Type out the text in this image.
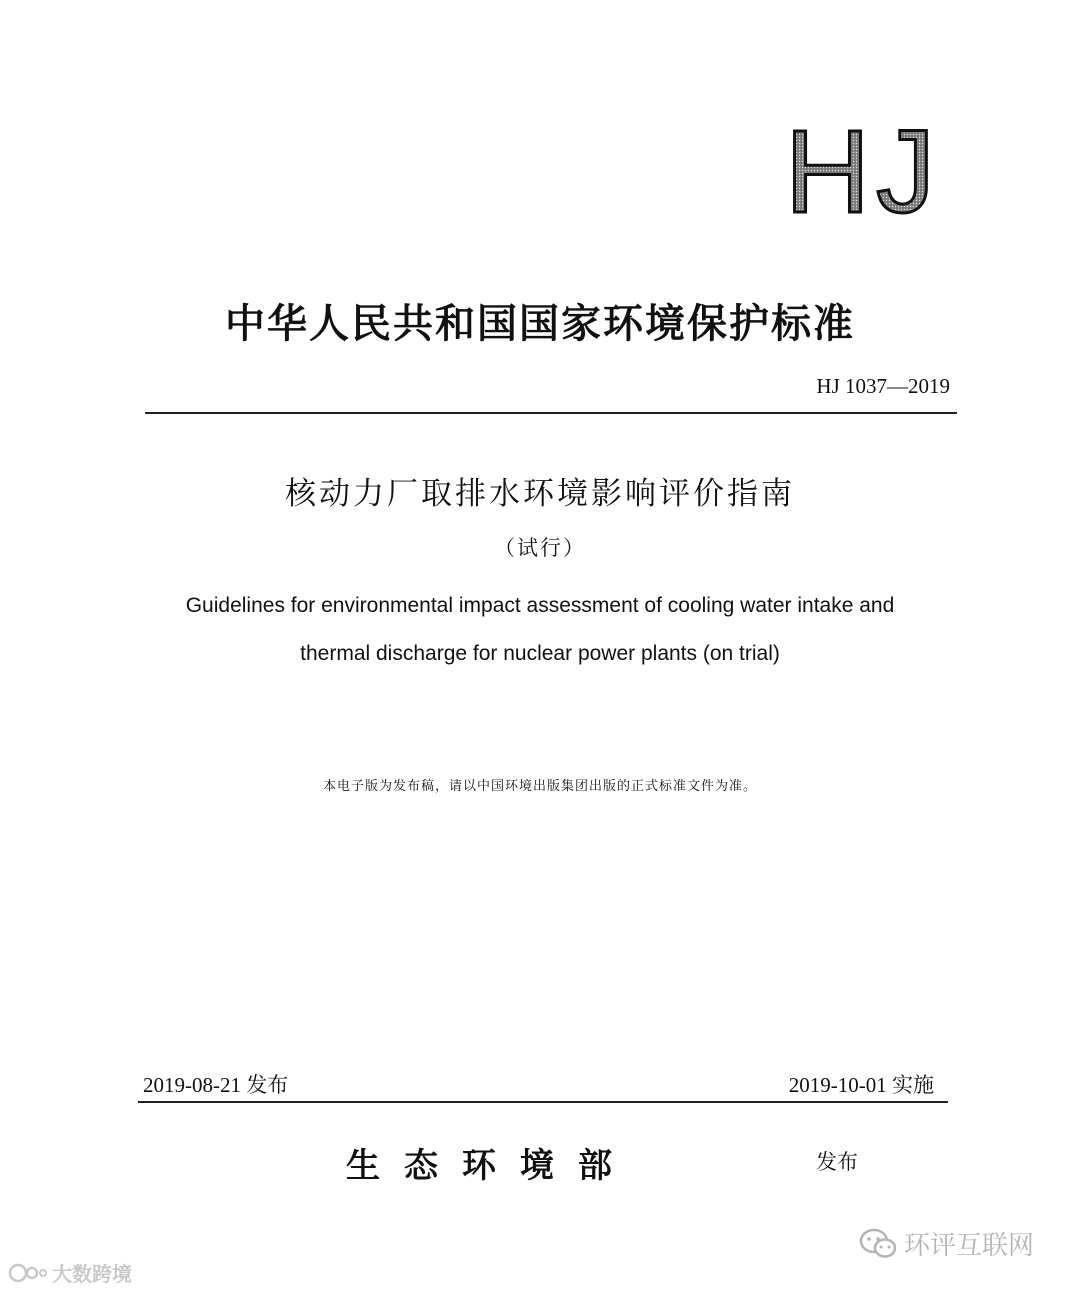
HJ
中华人民共和国国家环境保护标准
HJ 1037—2019
核动力厂取排水环境影响评价指南
（试行）
Guidelines for environmental impact assessment of cooling water intake and
thermal discharge for nuclear power plants (on trial)
本电子版为发布稿，请以中国环境出版集团出版的正式标准文件为准。
2019-08-21 发布	2019-10-01 实施
生态环境部	发布
大数跨境
环评互联网
